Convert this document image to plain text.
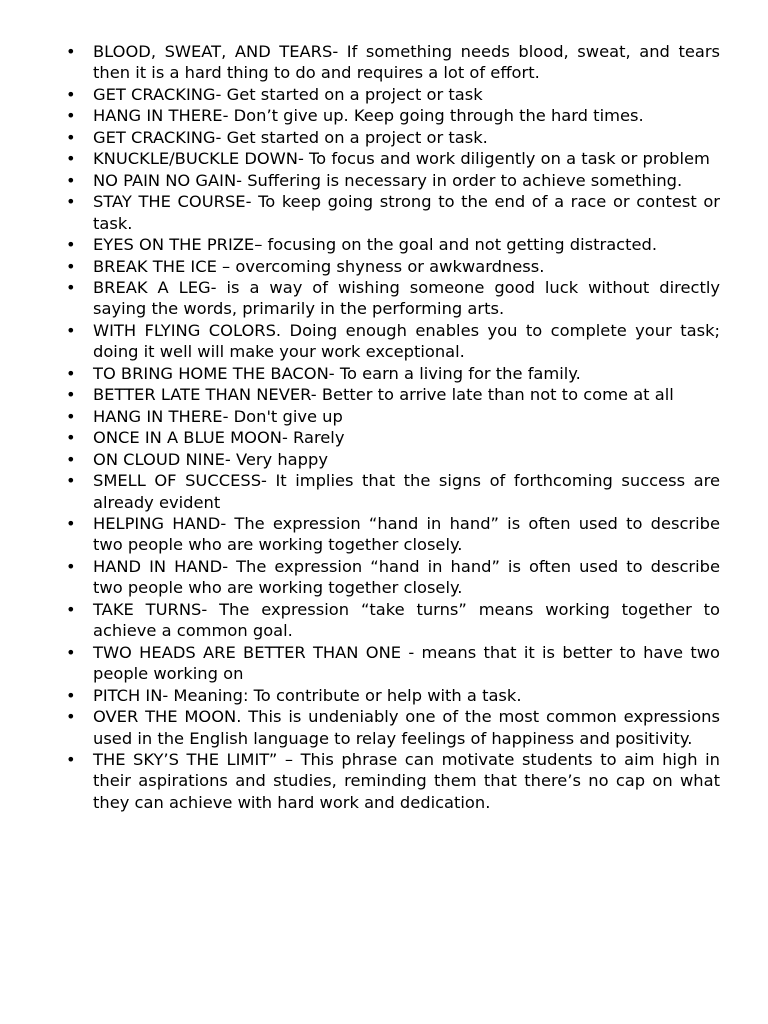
• BLOOD, SWEAT, AND TEARS- If something needs blood, sweat, and tears then it is a hard thing to do and requires a lot of effort.
• GET CRACKING- Get started on a project or task
• HANG IN THERE- Don’t give up. Keep going through the hard times.
• GET CRACKING- Get started on a project or task.
• KNUCKLE/BUCKLE DOWN- To focus and work diligently on a task or problem
• NO PAIN NO GAIN- Suffering is necessary in order to achieve something.
• STAY THE COURSE- To keep going strong to the end of a race or contest or task.
• EYES ON THE PRIZE– focusing on the goal and not getting distracted.
• BREAK THE ICE – overcoming shyness or awkwardness.
• BREAK A LEG- is a way of wishing someone good luck without directly saying the words, primarily in the performing arts.
• WITH FLYING COLORS. Doing enough enables you to complete your task; doing it well will make your work exceptional.
• TO BRING HOME THE BACON- To earn a living for the family.
• BETTER LATE THAN NEVER- Better to arrive late than not to come at all
• HANG IN THERE- Don't give up
• ONCE IN A BLUE MOON- Rarely
• ON CLOUD NINE- Very happy
• SMELL OF SUCCESS- It implies that the signs of forthcoming success are already evident
• HELPING HAND- The expression “hand in hand” is often used to describe two people who are working together closely.
• HAND IN HAND- The expression “hand in hand” is often used to describe two people who are working together closely.
• TAKE TURNS- The expression “take turns” means working together to achieve a common goal.
• TWO HEADS ARE BETTER THAN ONE - means that it is better to have two people working on
• PITCH IN- Meaning: To contribute or help with a task.
• OVER THE MOON. This is undeniably one of the most common expressions used in the English language to relay feelings of happiness and positivity.
• THE SKY’S THE LIMIT” – This phrase can motivate students to aim high in their aspirations and studies, reminding them that there’s no cap on what they can achieve with hard work and dedication.
